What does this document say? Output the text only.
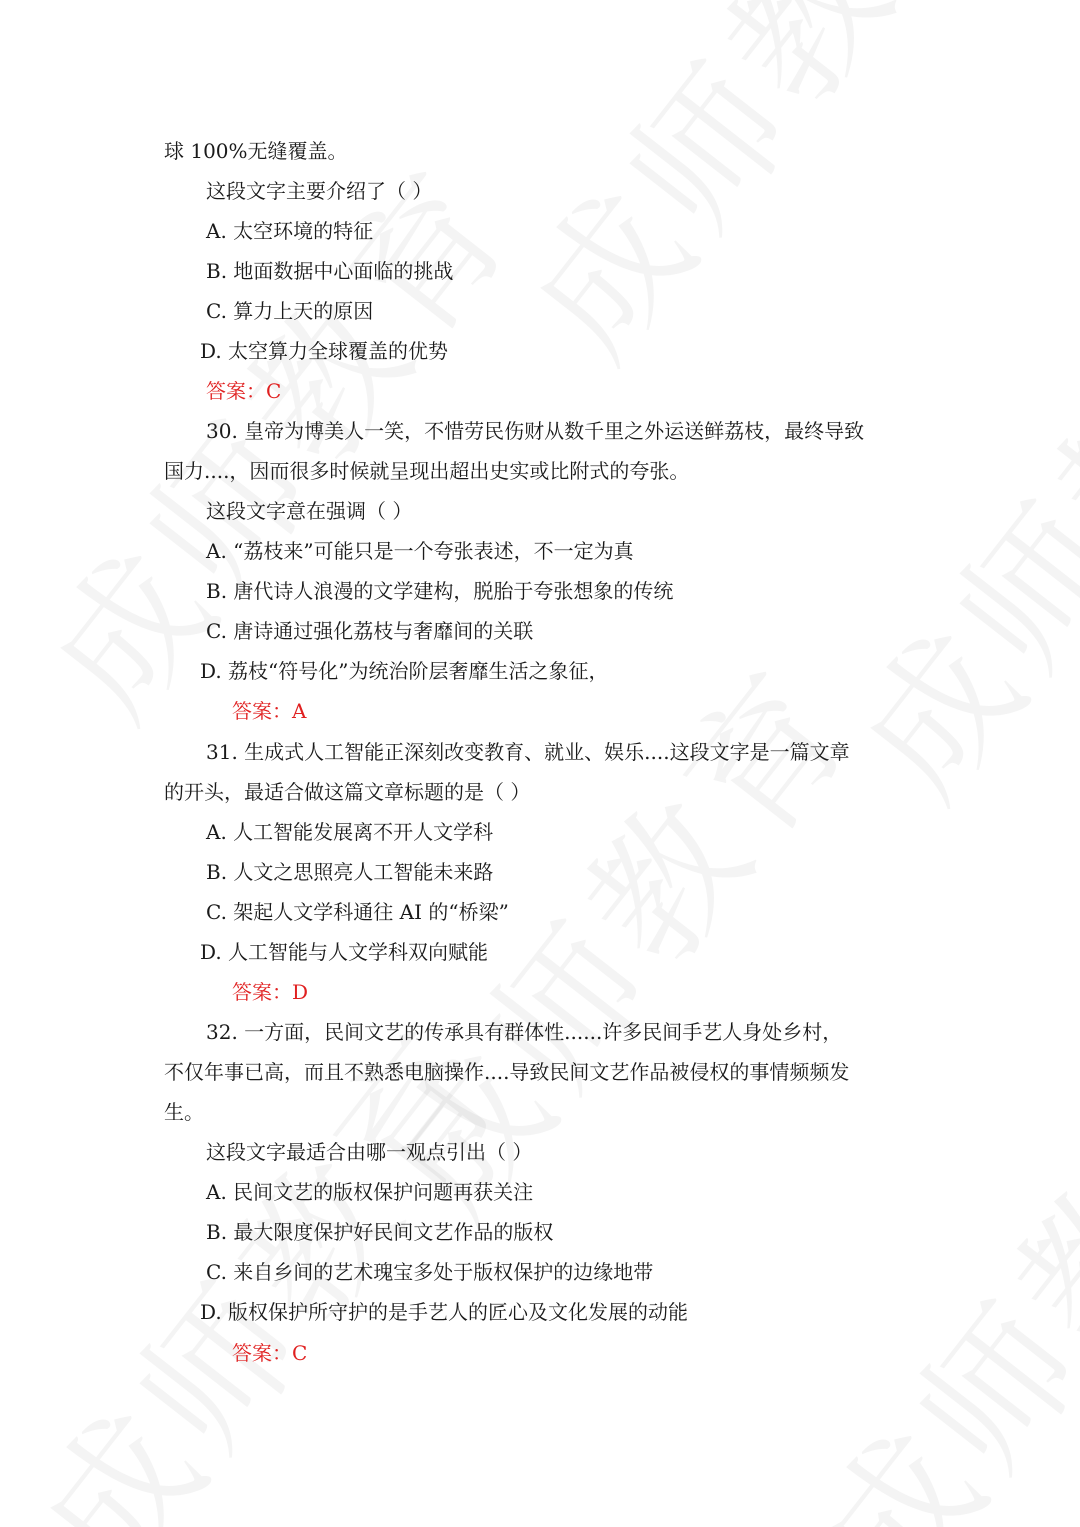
球 100%无缝覆盖。
这段文字主要介绍了（ ）
A. 太空环境的特征
B. 地面数据中心面临的挑战
C. 算力上天的原因
D. 太空算力全球覆盖的优势
答案：C
30. 皇帝为博美人一笑，不惜劳民伤财从数千里之外运送鲜荔枝，最终导致
国力....，因而很多时候就呈现出超出史实或比附式的夸张。
这段文字意在强调（ ）
A. “荔枝来”可能只是一个夸张表述，不一定为真
B. 唐代诗人浪漫的文学建构，脱胎于夸张想象的传统
C. 唐诗通过强化荔枝与奢靡间的关联
D. 荔枝“符号化”为统治阶层奢靡生活之象征，
答案：A
31. 生成式人工智能正深刻改变教育、就业、娱乐....这段文字是一篇文章
的开头，最适合做这篇文章标题的是（ ）
A. 人工智能发展离不开人文学科
B. 人文之思照亮人工智能未来路
C. 架起人文学科通往 AI 的“桥梁”
D. 人工智能与人文学科双向赋能
答案：D
32. 一方面，民间文艺的传承具有群体性......许多民间手艺人身处乡村，
不仅年事已高，而且不熟悉电脑操作....导致民间文艺作品被侵权的事情频频发
生。
这段文字最适合由哪一观点引出（ ）
A. 民间文艺的版权保护问题再获关注
B. 最大限度保护好民间文艺作品的版权
C. 来自乡间的艺术瑰宝多处于版权保护的边缘地带
D. 版权保护所守护的是手艺人的匠心及文化发展的动能
答案：C
